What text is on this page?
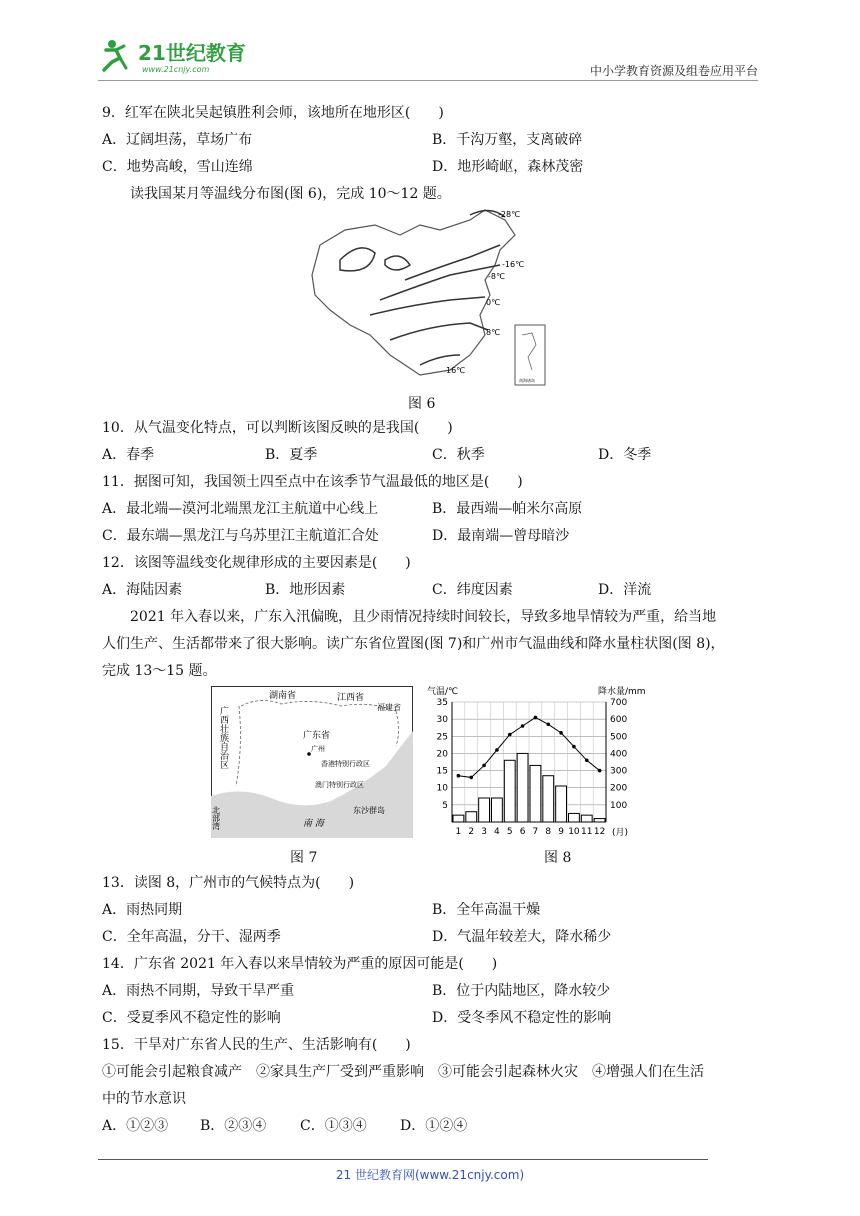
21世纪教育
www.21cnjy.com	中小学教育资源及组卷应用平台
9．红军在陕北吴起镇胜利会师，该地所在地形区(　　)
A．辽阔坦荡，草场广布	B．千沟万壑，支离破碎
C．地势高峻，雪山连绵	D．地形崎岖，森林茂密
读我国某月等温线分布图(图 6)，完成 10～12 题。
-28℃
-16℃
-8℃
0℃
8℃
16℃
南海诸岛
图 6
10．从气温变化特点，可以判断该图反映的是我国(　　)
A．春季	B．夏季	C．秋季	D．冬季
11．据图可知，我国领土四至点中在该季节气温最低的地区是(　　)
A．最北端—漠河北端黑龙江主航道中心线上	B．最西端—帕米尔高原
C．最东端—黑龙江与乌苏里江主航道汇合处	D．最南端—曾母暗沙
12．该图等温线变化规律形成的主要因素是(　　)
A．海陆因素	B．地形因素	C．纬度因素	D．洋流
2021 年入春以来，广东入汛偏晚，且少雨情况持续时间较长，导致多地旱情较为严重，给当地
人们生产、生活都带来了很大影响。读广东省位置图(图 7)和广州市气温曲线和降水量柱状图(图 8)，
完成 13～15 题。
广西壮族自治区
湖南省	江西省
福建省
广东省
广州
香港特别行政区
澳门特别行政区
东沙群岛
北部湾	南 海
图 7
气温/℃	降水量/mm
5
10
15
20
25
30
35
100
200
300
400
500
600
700
1 2 3 4 5 6 7 8 9 10 11 12 (月)
图 8
13．读图 8，广州市的气候特点为(　　)
A．雨热同期	B．全年高温干燥
C．全年高温，分干、湿两季	D．气温年较差大，降水稀少
14．广东省 2021 年入春以来旱情较为严重的原因可能是(　　)
A．雨热不同期，导致干旱严重	B．位于内陆地区，降水较少
C．受夏季风不稳定性的影响	D．受冬季风不稳定性的影响
15．干旱对广东省人民的生产、生活影响有(　　)
①可能会引起粮食减产　②家具生产厂受到严重影响　③可能会引起森林火灾　④增强人们在生活
中的节水意识
A．①②③ B．②③④ C．①③④ D．①②④
21 世纪教育网(www.21cnjy.com)
